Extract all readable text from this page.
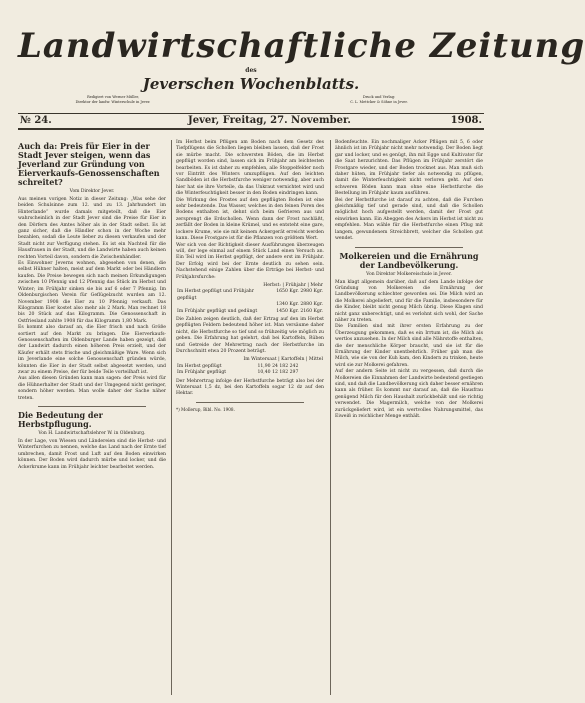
Landwirtschaftliche Zeitung
des
Jeverschen Wochenblatts.
Redigiert von Werner Müller,
Direktor der landw. Winterschule in Jever.
Druck und Verlag:
C. L. Mettcker & Söhne in Jever.
№ 24.	Jever, Freitag, 27. November.	1908.
Auch da: Preis für Eier in der Stadt Jever steigen, wenn das Jeverland zur Gründung von Eierverkaufs-Genossenschaften schreitet?
Vom Direktor Jever.

Aus meinen vorigen Notiz in dieser Zeitung: „Was sehe der beiden Schulsinne zum 12. und zu 13. Jahrhundert im Hinterlande“ wurde damals mitgeteilt, daß die Eier wahrscheinlich in der Stadt Jever sind die Preise für Eier in den Dörfern des Amtes höher als in der Stadt selbst. Es ist ganz sicher, daß die Händler schon in der Woche mehr bezahlen, sodaß die Leute lieber zu diesen verkaufen und der Stadt nicht zur Verfügung stehen. Es ist ein Nachteil für die Hausfrauen in der Stadt, und die Landwirte haben auch keinen rechten Vorteil davon, sondern die Zwischenhändler.

Es Einwohner Jeverns wohnen, abgesehen von denen, die selbst Hühner halten, meist auf dem Markt oder bei Händlern kaufen. Die Preise bewegen sich nach meinen Erkundigungen zwischen 10 Pfennig und 12 Pfennig das Stück im Herbst und Winter; im Frühjahr sinken sie bis auf 6 oder 7 Pfennig. Im Oldenburgischen Verein für Geflügelzucht wurden am 12. November 1908 die Eier zu 10 Pfennig verkauft. Das Kilogramm Eier kostet also mehr als 2 Mark. Man rechnet 18 bis 20 Stück auf das Kilogramm. Die Genossenschaft in Ostfriesland zahlte 1908 für das Kilogramm 1,80 Mark.

Es kommt also darauf an, die Eier frisch und nach Größe sortiert auf den Markt zu bringen. Die Eierverkaufs-Genossenschaften im Oldenburger Lande haben gezeigt, daß der Landwirt dadurch einen höheren Preis erzielt, und der Käufer erhält stets frische und gleichmäßige Ware. Wenn sich im Jeverlande eine solche Genossenschaft gründen würde, könnten die Eier in der Stadt selbst abgesetzt werden, und zwar zu einem Preise, der für beide Teile vorteilhaft ist.

Aus allen diesen Gründen kann man sagen: der Preis wird für die Hühnerhalter der Stadt und der Umgegend nicht geringer, sondern höher werden. Man wolle daher der Sache näher treten.

Die Bedeutung der Herbstpflugung.
Von H. Landwirtschaftslehrer W. in Oldenburg.

In der Lage, von Wiesen und Ländereien sind die Herbst- und Winterfurchen zu nennen, welche das Land nach der Ernte tief umbrechen, damit Frost und Luft auf den Boden einwirken können. Der Boden wird dadurch mürbe und locker, und die Ackerkrume kann im Frühjahr leichter bearbeitet werden.

Im Herbst beim Pflügen am Boden nach dem Gesetz des Tiefpflügens die Schollen liegen bleiben lassen, daß der Frost sie mürbe macht. Die schwersten Böden, die im Herbst gepflügt worden sind, lassen sich im Frühjahr am leichtesten bearbeiten. Es ist daher zu empfehlen, alle Stoppelfelder noch vor Eintritt des Winters umzupflügen. Auf den leichten Sandböden ist die Herbstfurche weniger notwendig, aber auch hier hat sie ihre Vorteile, da das Unkraut vernichtet wird und die Winterfeuchtigkeit besser in den Boden eindringen kann.

Die Wirkung des Frostes auf den gepflügten Boden ist eine sehr bedeutende. Das Wasser, welches in den feinen Poren des Bodens enthalten ist, dehnt sich beim Gefrieren aus und zersprengt die Erdschollen. Wenn dann der Frost nachläßt, zerfällt der Boden in kleine Krümel, und es entsteht eine gare, lockere Krume, wie sie mit keinem Ackergerät erreicht werden kann. Diese Frostgare ist für die Pflanzen von größtem Wert.

Wer sich von der Richtigkeit dieser Ausführungen überzeugen will, der lege einmal auf einem Stück Land einen Versuch an. Ein Teil wird im Herbst gepflügt, der andere erst im Frühjahr. Der Erfolg wird bei der Ernte deutlich zu sehen sein. Nachstehend einige Zahlen über die Erträge bei Herbst- und Frühjahrsfurche:

Herbst: | Frühjahr | Mehr	
Im Herbst gepflügt und Frühjahr gepflügt	1650 Kgr. 2980 Kgr.
	1340 Kgr. 2880 Kgr.
Im Frühjahr gepflügt und gedüngt	1450 Kgr. 2160 Kgr.

Die Zahlen zeigen deutlich, daß der Ertrag auf den im Herbst gepflügten Feldern bedeutend höher ist. Man versäume daher nicht, die Herbstfurche so tief und so frühzeitig wie möglich zu geben. Die Erfahrung hat gelehrt, daß bei Kartoffeln, Rüben und Getreide der Mehrertrag nach der Herbstfurche im Durchschnitt etwa 20 Prozent beträgt.

Im Wintersaat | Kartoffeln | Mittel	
Im Herbst gepflügt	11,90 24 182 242
Im Frühjahr gepflügt	10,40 12 182 297

Der Mehrertrag infolge der Herbstfurche beträgt also bei der Wintersaat 1,5 dz, bei den Kartoffeln sogar 12 dz auf den Hektar.

*) Mollerup, Bibl. No. 1908.

Bodenfeuchte. Ein nochmaliger Acker Pflügen mit 5, 6 oder ähnlich ist im Frühjahr nicht mehr notwendig. Der Boden liegt gar und locker, und es genügt, ihn mit Egge und Kultivator für die Saat herzurichten. Das Pflügen im Frühjahr zerstört die Frostgare wieder, und der Boden trocknet aus. Man muß sich daher hüten, im Frühjahr tiefer als notwendig zu pflügen, damit die Winterfeuchtigkeit nicht verloren geht. Auf den schweren Böden kann man ohne eine Herbstfurche die Bestellung im Frühjahr kaum ausführen.

Bei der Herbstfurche ist darauf zu achten, daß die Furchen gleichmäßig tief und gerade sind, und daß die Schollen möglichst hoch aufgestellt werden, damit der Frost gut einwirken kann. Ein Abeggen des Ackers im Herbst ist nicht zu empfehlen. Man wähle für die Herbstfurche einen Pflug mit langem, gewundenem Streichbrett, welcher die Schollen gut wendet.

Molkereien und die Ernährung der Landbevölkerung.
Von Direktor Molkereischule in Jever.

Man klagt allgemein darüber, daß auf dem Lande infolge der Gründung von Molkereien die Ernährung der Landbevölkerung schlechter geworden sei. Die Milch wird an die Molkerei abgeliefert, und für die Familie, insbesondere für die Kinder, bleibt nicht genug Milch übrig. Diese Klagen sind nicht ganz unberechtigt, und es verlohnt sich wohl, der Sache näher zu treten.

Die Familien sind mit ihrer ersten Erfahrung zu der Überzeugung gekommen, daß es ein Irrtum ist, die Milch als wertlos anzusehen. In der Milch sind alle Nährstoffe enthalten, die der menschliche Körper braucht, und sie ist für die Ernährung der Kinder unentbehrlich. Früher gab man die Milch, wie sie von der Kuh kam, den Kindern zu trinken, heute wird sie zur Molkerei gefahren.

Auf der andern Seite ist nicht zu vergessen, daß durch die Molkereien die Einnahmen der Landwirte bedeutend gestiegen sind, und daß die Landbevölkerung sich daher besser ernähren kann als früher. Es kommt nur darauf an, daß die Hausfrau genügend Milch für den Haushalt zurückbehält und sie richtig verwendet. Die Magermilch, welche von der Molkerei zurückgeliefert wird, ist ein wertvolles Nahrungsmittel, das Eiweiß in reichlicher Menge enthält.
